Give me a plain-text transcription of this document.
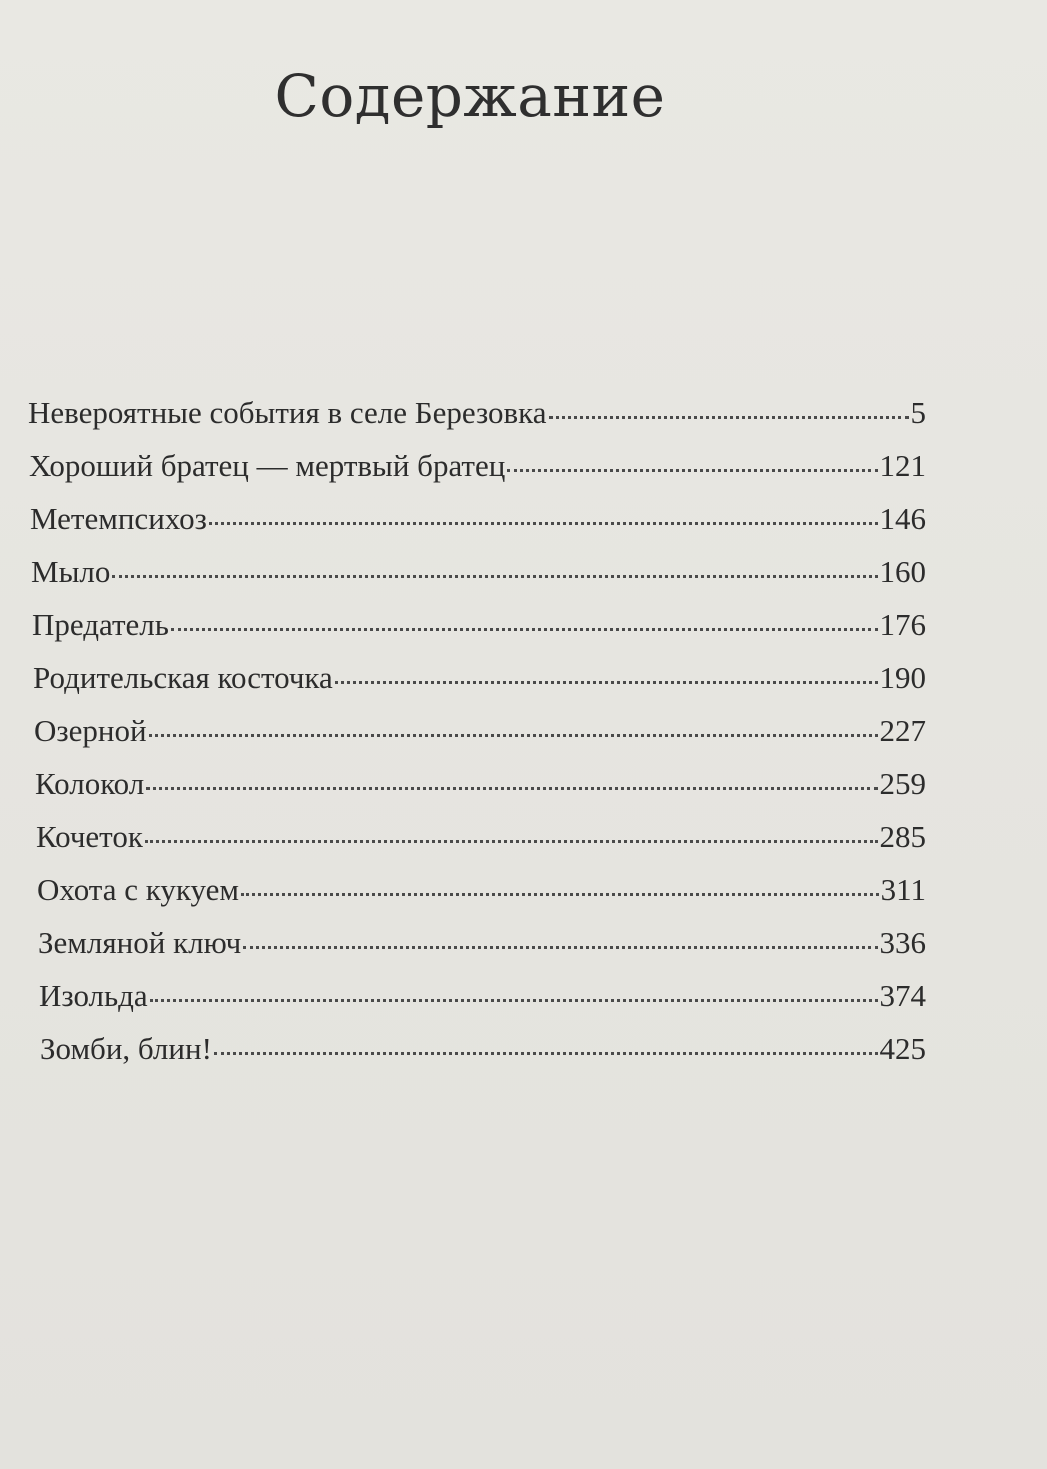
Содержание
Невероятные события в селе Березовка	5
Хороший братец — мертвый братец	121
Метемпсихоз	146
Мыло	160
Предатель	176
Родительская косточка	190
Озерной	227
Колокол	259
Кочеток	285
Охота с кукуем	311
Земляной ключ	336
Изольда	374
Зомби, блин!	425
